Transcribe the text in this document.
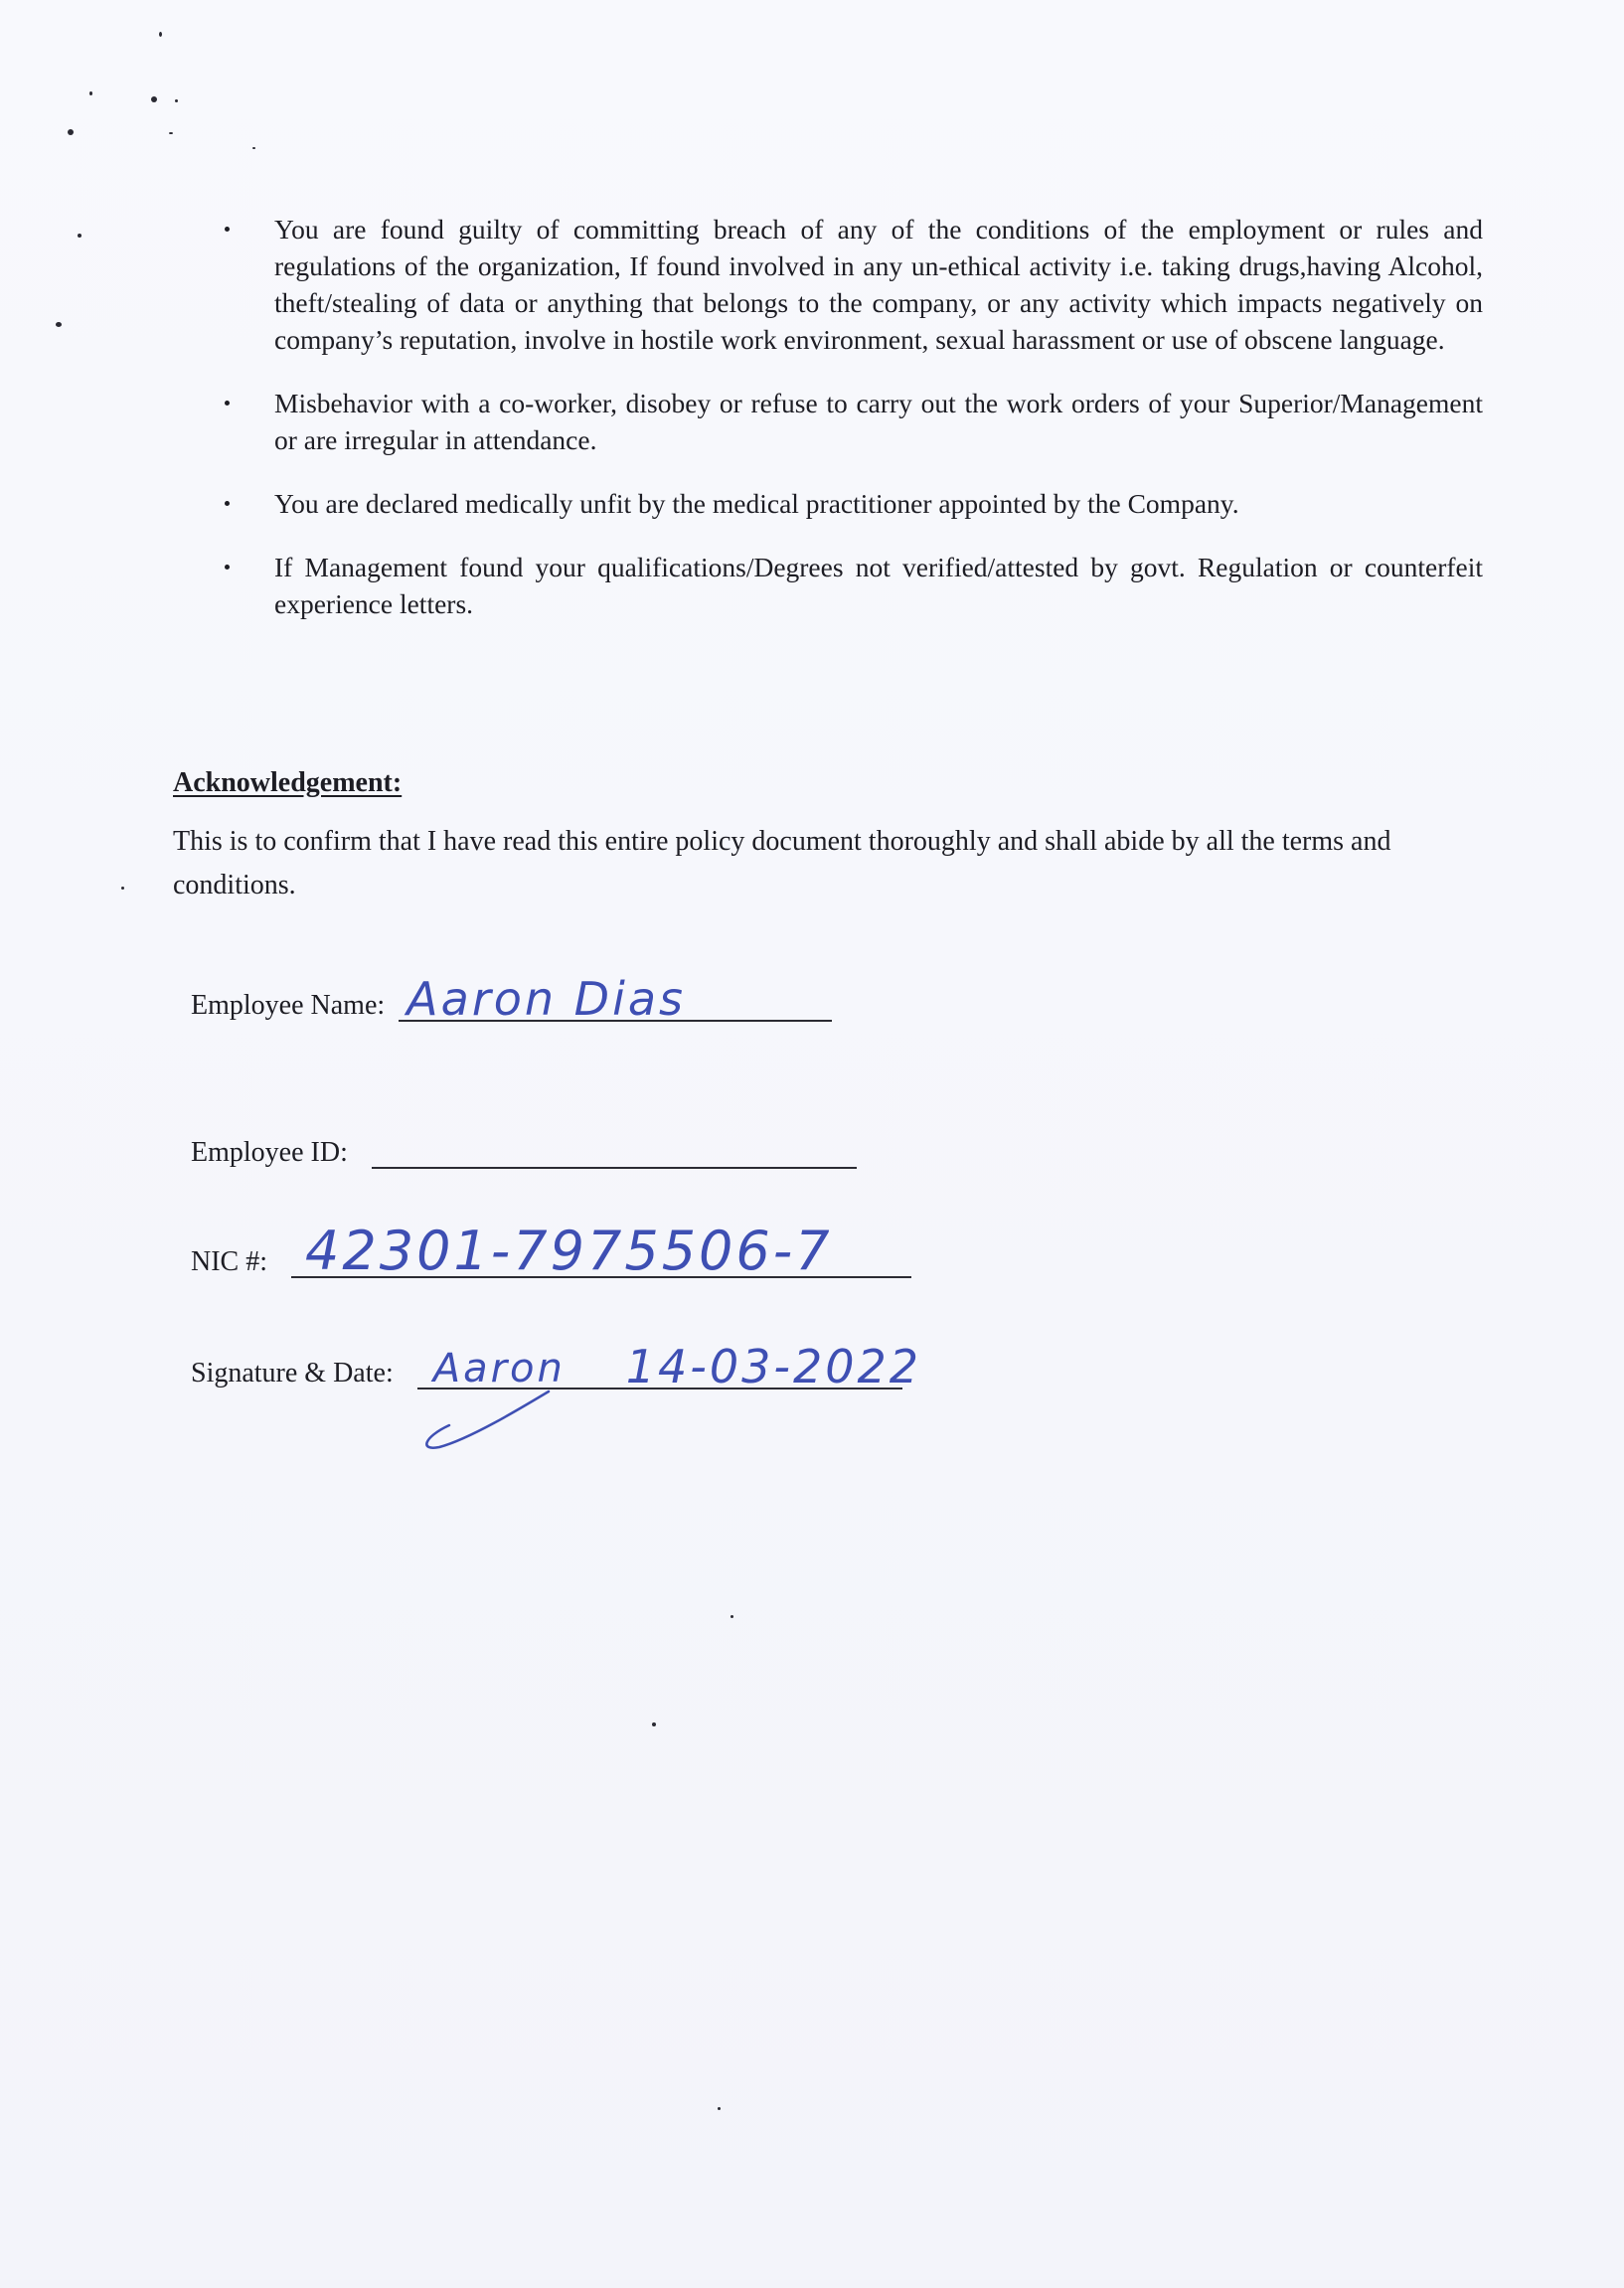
You are found guilty of committing breach of any of the conditions of the employment or rules and regulations of the organization, If found involved in any un-ethical activity i.e. taking drugs,having Alcohol, theft/stealing of data or anything that belongs to the company, or any activity which impacts negatively on company’s reputation, involve in hostile work environment, sexual harassment or use of obscene language.
Misbehavior with a co-worker, disobey or refuse to carry out the work orders of your Superior/Management or are irregular in attendance.
You are declared medically unfit by the medical practitioner appointed by the Company.
If Management found your qualifications/Degrees not verified/attested by govt. Regulation or counterfeit experience letters.
Acknowledgement:

This is to confirm that I have read this entire policy document thoroughly and shall abide by all the terms and conditions.

Employee Name: Aaron Dias
Employee ID:
NIC #: 42301-7975506-7
Signature & Date: Aaron 14-03-2022
